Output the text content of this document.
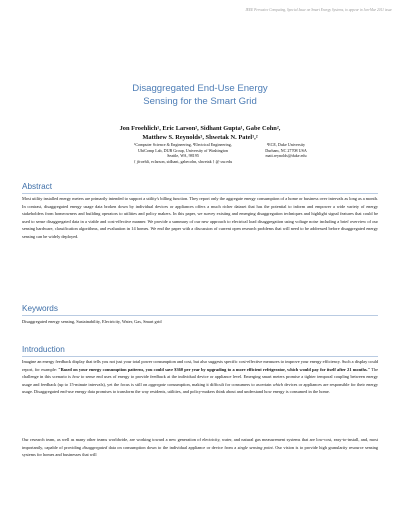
IEEE Pervasive Computing, Special Issue on Smart Energy Systems, to appear in Jan-Mar 2011 issue
Disaggregated End-Use Energy
Sensing for the Smart Grid
Jon Froehlich¹, Eric Larson², Sidhant Gupta¹, Gabe Cohn²,
Matthew S. Reynolds³, Shwetak N. Patel¹,²
¹Computer Science & Engineering, ²Electrical Engineering,
UbiComp Lab, DUB Group, University of Washington
Seattle, WA, 98195
{ jfroehli, eclarson, sidhant, gabecohn, shwetak } @ uw.edu
³ECE, Duke University
Durham, NC 27708 USA
matt.reynolds@duke.edu
Abstract
Most utility installed energy meters are primarily intended to support a utility's billing function. They report only the aggregate energy consumption of a home or business over intervals as long as a month. In contrast, disaggregated energy usage data broken down by individual devices or appliances offers a much richer dataset that has the potential to inform and empower a wide variety of energy stakeholders from homeowners and building operators to utilities and policy makers. In this paper, we survey existing and emerging disaggregation techniques and highlight signal features that could be used to sense disaggregated data in a viable and cost-effective manner. We provide a summary of our new approach to electrical load disaggregation using voltage noise including a brief overview of our sensing hardware, classification algorithms, and evaluation in 14 homes. We end the paper with a discussion of current open research problems that will need to be addressed before disaggregated energy sensing can be widely deployed.
Keywords
Disaggregated energy sensing, Sustainability, Electricity, Water, Gas, Smart grid
Introduction
Imagine an energy feedback display that tells you not just your total power consumption and cost, but also suggests specific cost-effective measures to improve your energy efficiency. Such a display could report, for example: "Based on your energy consumption patterns, you could save $360 per year by upgrading to a more efficient refrigerator, which would pay for itself after 21 months." The challenge in this scenario is how to sense end uses of energy to provide feedback at the individual device or appliance level. Emerging smart meters promise a tighter temporal coupling between energy usage and feedback (up to 15-minute intervals), yet the focus is still on aggregate consumption, making it difficult for consumers to ascertain which devices or appliances are responsible for their energy usage. Disaggregated end-use energy data promises to transform the way residents, utilities, and policy-makers think about and understand how energy is consumed in the home.
Our research team, as well as many other teams worldwide, are working toward a new generation of electricity, water, and natural gas measurement systems that are low-cost, easy-to-install, and, most importantly, capable of providing disaggregated data on consumption down to the individual appliance or device from a single sensing point. Our vision is to provide high granularity resource sensing systems for homes and businesses that will
